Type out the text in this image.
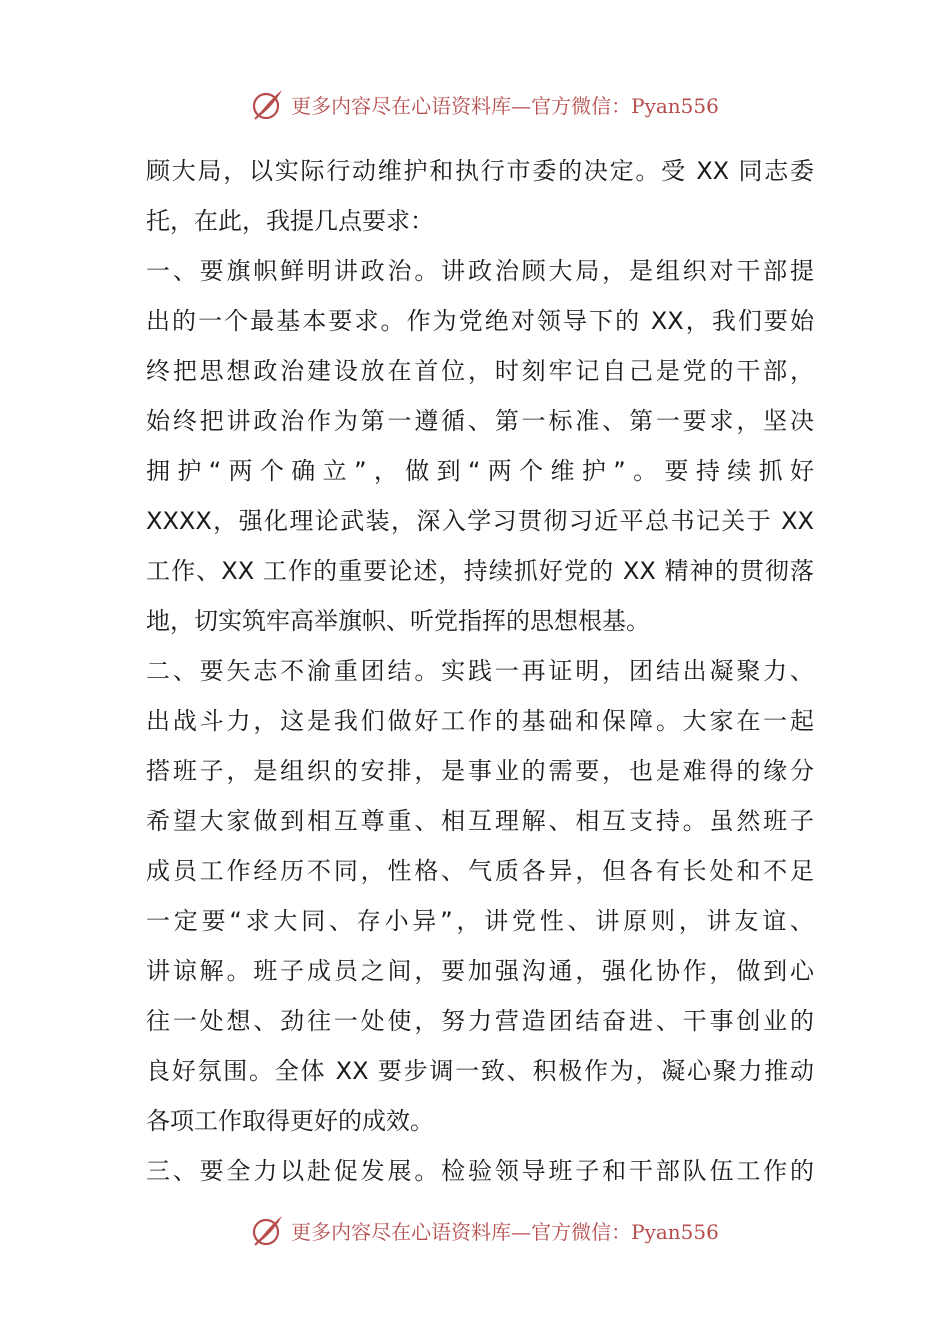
更多内容尽在心语资料库—官方微信：Pyan556
顾大局，以实际行动维护和执行市委的决定。受 XX 同志委
托，在此，我提几点要求：
一、要旗帜鲜明讲政治。讲政治顾大局，是组织对干部提
出的一个最基本要求。作为党绝对领导下的 XX，我们要始
终把思想政治建设放在首位，时刻牢记自己是党的干部，
始终把讲政治作为第一遵循、第一标准、第一要求，坚决
拥护“两个确立”，做到“两个维护”。要持续抓好
XXXX，强化理论武装，深入学习贯彻习近平总书记关于 XX
工作、XX 工作的重要论述，持续抓好党的 XX 精神的贯彻落
地，切实筑牢高举旗帜、听党指挥的思想根基。
二、要矢志不渝重团结。实践一再证明，团结出凝聚力、
出战斗力，这是我们做好工作的基础和保障。大家在一起
搭班子，是组织的安排，是事业的需要，也是难得的缘分
希望大家做到相互尊重、相互理解、相互支持。虽然班子
成员工作经历不同，性格、气质各异，但各有长处和不足
一定要“求大同、存小异”，讲党性、讲原则，讲友谊、
讲谅解。班子成员之间，要加强沟通，强化协作，做到心
往一处想、劲往一处使，努力营造团结奋进、干事创业的
良好氛围。全体 XX 要步调一致、积极作为，凝心聚力推动
各项工作取得更好的成效。
三、要全力以赴促发展。检验领导班子和干部队伍工作的
更多内容尽在心语资料库—官方微信：Pyan556
